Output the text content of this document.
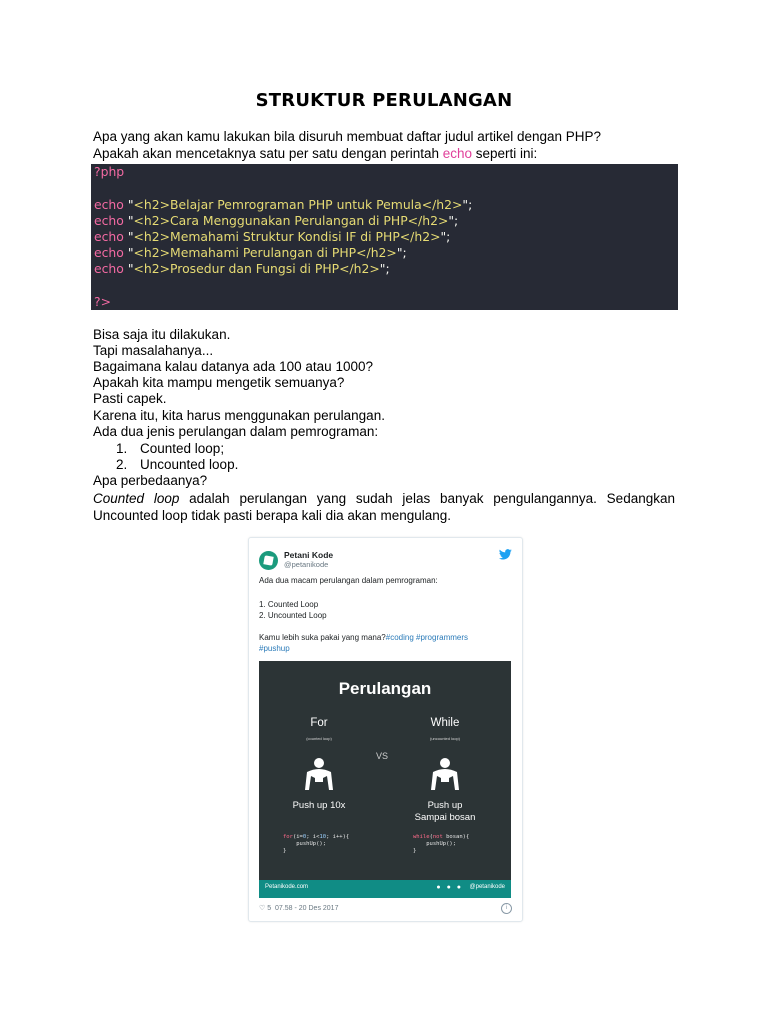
STRUKTUR PERULANGAN
Apa yang akan kamu lakukan bila disuruh membuat daftar judul artikel dengan PHP?
Apakah akan mencetaknya satu per satu dengan perintah echo seperti ini:
?php
echo "<h2>Belajar Pemrograman PHP untuk Pemula</h2>";
echo "<h2>Cara Menggunakan Perulangan di PHP</h2>";
echo "<h2>Memahami Struktur Kondisi IF di PHP</h2>";
echo "<h2>Memahami Perulangan di PHP</h2>";
echo "<h2>Prosedur dan Fungsi di PHP</h2>";
?>
Bisa saja itu dilakukan.
Tapi masalahanya...
Bagaimana kalau datanya ada 100 atau 1000?
Apakah kita mampu mengetik semuanya?
Pasti capek.
Karena itu, kita harus menggunakan perulangan.
Ada dua jenis perulangan dalam pemrograman:
1. Counted loop;
2. Uncounted loop.
Apa perbedaanya?
Counted loop adalah perulangan yang sudah jelas banyak pengulangannya. Sedangkan Uncounted loop tidak pasti berapa kali dia akan mengulang.
Petani Kode
@petanikode
Ada dua macam perulangan dalam pemrograman:
1. Counted Loop
2. Uncounted Loop
Kamu lebih suka pakai yang mana?#coding #programmers
#pushup
Perulangan
For
(counted loop)
While
(uncounted loop)
VS
Push up 10x	Push up
Sampai bosan
for(i=0; i<10; i++){
pushUp();
}
while(not bosan){
pushUp();
}
Petanikode.com	● ● ● @petanikode
♡ 5 07.58 - 20 Des 2017	i
